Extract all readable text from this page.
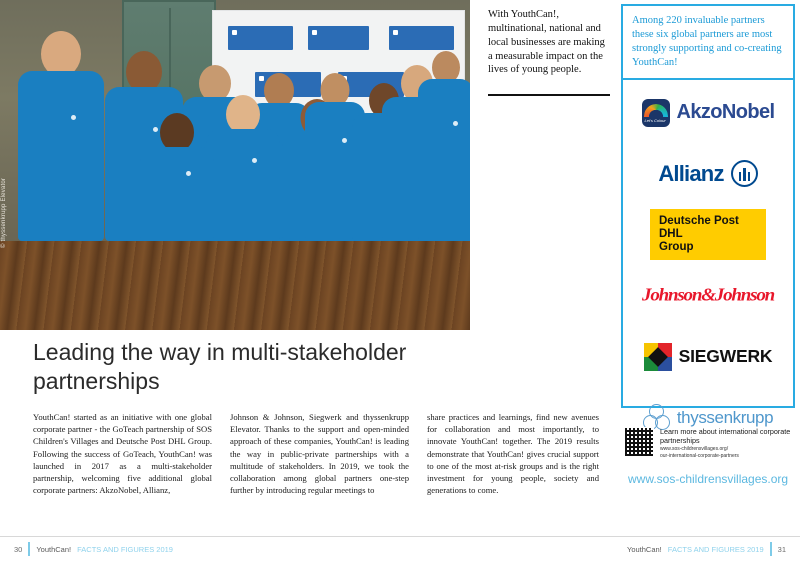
© thyssenkrupp Elevator
With YouthCan!, multinational, national and local businesses are making a measurable impact on the lives of young people.
Among 220 invaluable partners these six global partners are most strongly supporting and co-creating YouthCan!
Let's Colour AkzoNobel
Allianz
Deutsche Post DHL
Group
Johnson&Johnson
SIEGWERK
thyssenkrupp
Learn more about international corporate partnerships
www.sos-childrensvillages.org/
our-international-corporate-partners
www.sos-childrensvillages.org
Leading the way in multi-stakeholder partnerships
YouthCan! started as an initiative with one global corporate partner - the GoTeach partnership of SOS Children's Villages and Deutsche Post DHL Group. Following the success of GoTeach, YouthCan! was launched in 2017 as a multi-stakeholder partnership, welcoming five additional global corporate partners: AkzoNobel, Allianz,
Johnson & Johnson, Siegwerk and thyssenkrupp Elevator. Thanks to the support and open-minded approach of these companies, YouthCan! is leading the way in public-private partnerships with a multitude of stakeholders. In 2019, we took the collaboration among global partners one-step further by introducing regular meetings to
share practices and learnings, find new avenues for collaboration and most importantly, to innovate YouthCan! together. The 2019 results demonstrate that YouthCan! gives crucial support to one of the most at-risk groups and is the right investment for young people, society and generations to come.
30 YouthCan! FACTS AND FIGURES 2019	YouthCan! FACTS AND FIGURES 2019 31
